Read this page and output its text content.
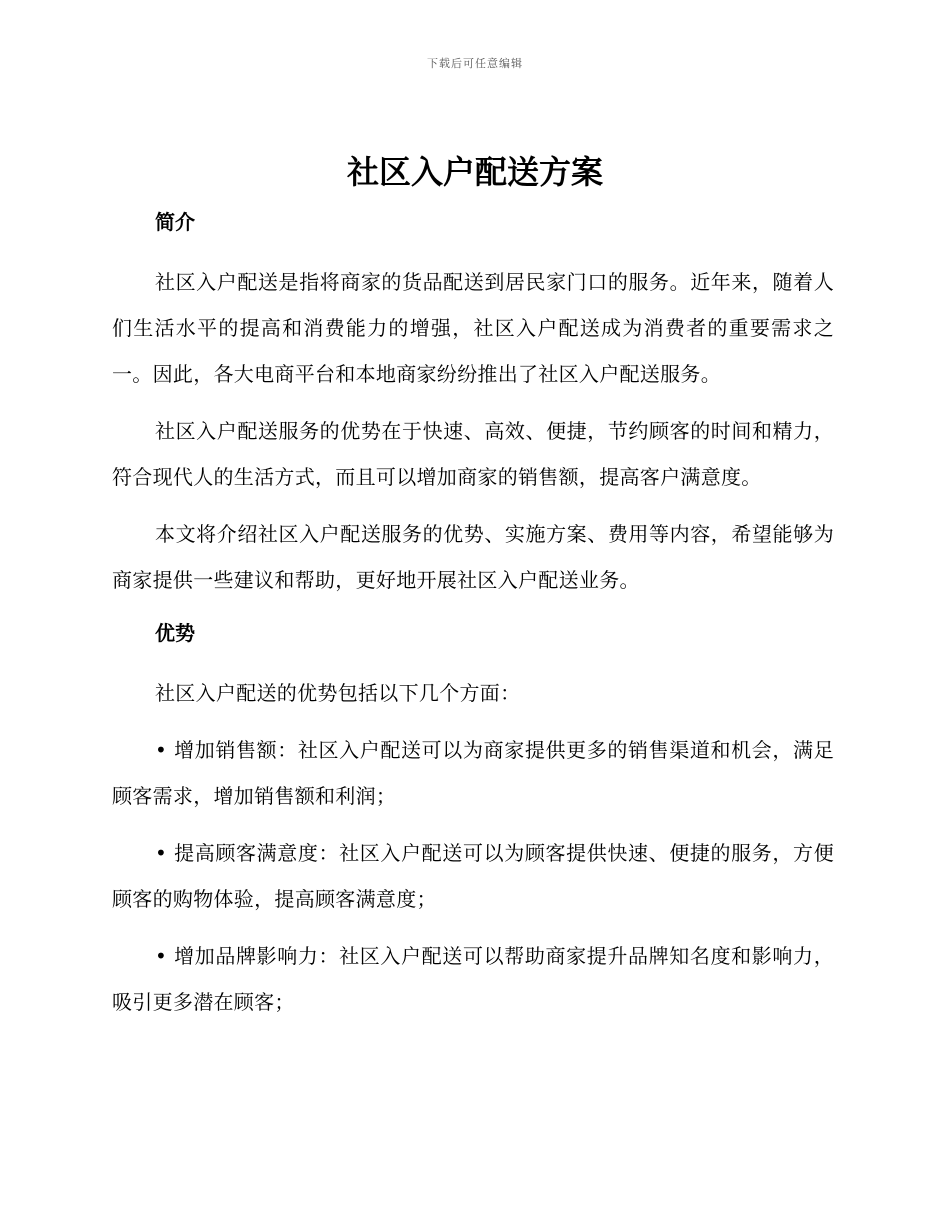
下载后可任意编辑
社区入户配送方案
简介

社区入户配送是指将商家的货品配送到居民家门口的服务。近年来，随着人们生活水平的提高和消费能力的增强，社区入户配送成为消费者的重要需求之一。因此，各大电商平台和本地商家纷纷推出了社区入户配送服务。

社区入户配送服务的优势在于快速、高效、便捷，节约顾客的时间和精力，符合现代人的生活方式，而且可以增加商家的销售额，提高客户满意度。

本文将介绍社区入户配送服务的优势、实施方案、费用等内容，希望能够为商家提供一些建议和帮助，更好地开展社区入户配送业务。

优势

社区入户配送的优势包括以下几个方面：

• 增加销售额：社区入户配送可以为商家提供更多的销售渠道和机会，满足顾客需求，增加销售额和利润；

• 提高顾客满意度：社区入户配送可以为顾客提供快速、便捷的服务，方便顾客的购物体验，提高顾客满意度；

• 增加品牌影响力：社区入户配送可以帮助商家提升品牌知名度和影响力，吸引更多潜在顾客；
